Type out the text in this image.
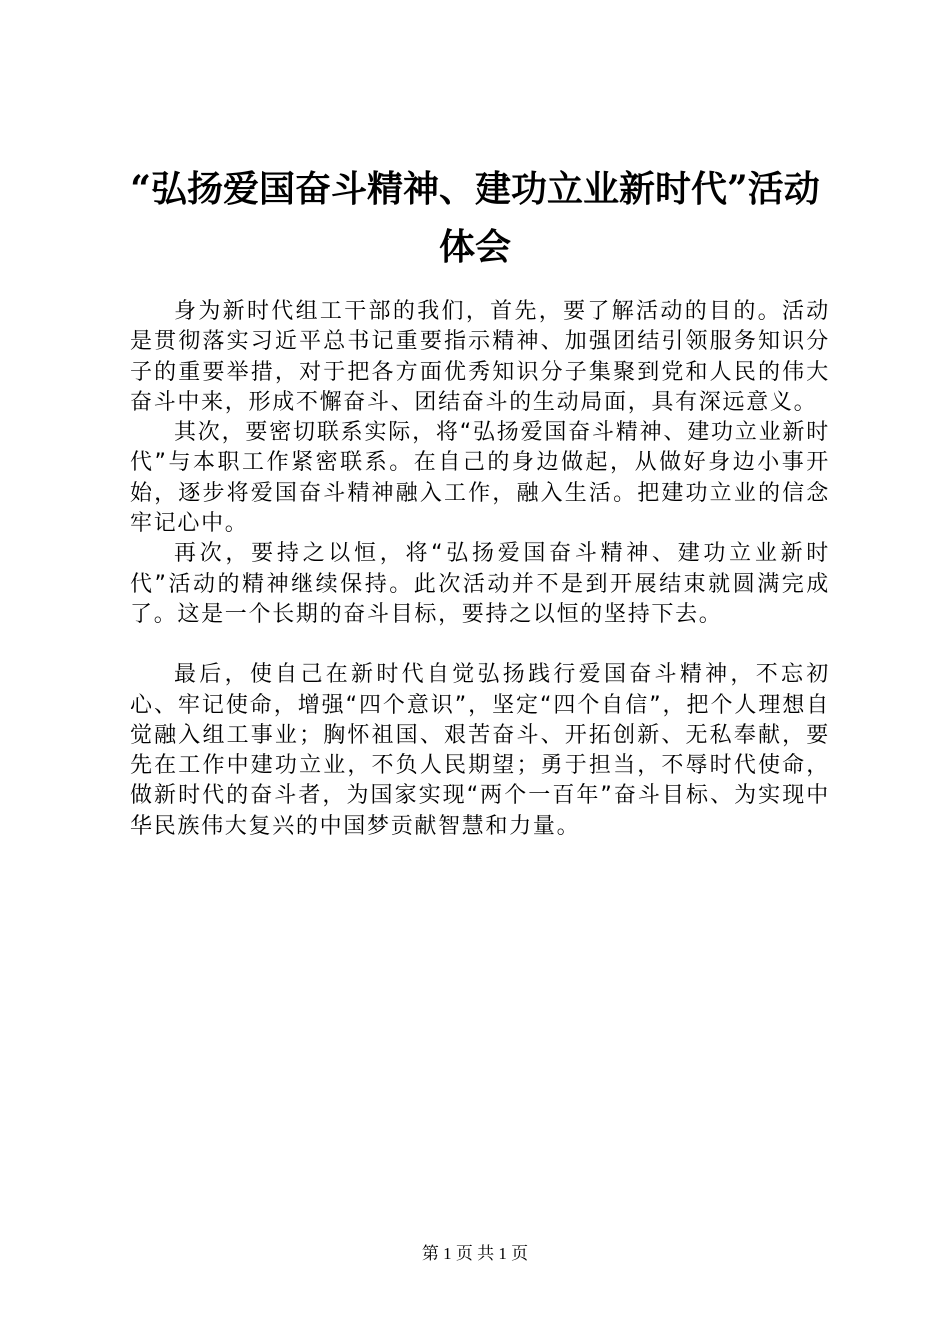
“弘扬爱国奋斗精神、建功立业新时代”活动体会

身为新时代组工干部的我们，首先，要了解活动的目的。活动是贯彻落实习近平总书记重要指示精神、加强团结引领服务知识分子的重要举措，对于把各方面优秀知识分子集聚到党和人民的伟大奋斗中来，形成不懈奋斗、团结奋斗的生动局面，具有深远意义。

其次，要密切联系实际，将“弘扬爱国奋斗精神、建功立业新时代”与本职工作紧密联系。在自己的身边做起，从做好身边小事开始，逐步将爱国奋斗精神融入工作，融入生活。把建功立业的信念牢记心中。

再次，要持之以恒，将“弘扬爱国奋斗精神、建功立业新时代”活动的精神继续保持。此次活动并不是到开展结束就圆满完成了。这是一个长期的奋斗目标，要持之以恒的坚持下去。

最后，使自己在新时代自觉弘扬践行爱国奋斗精神，不忘初心、牢记使命，增强“四个意识”，坚定“四个自信”，把个人理想自觉融入组工事业；胸怀祖国、艰苦奋斗、开拓创新、无私奉献，要先在工作中建功立业，不负人民期望；勇于担当，不辱时代使命，做新时代的奋斗者，为国家实现“两个一百年”奋斗目标、为实现中华民族伟大复兴的中国梦贡献智慧和力量。

第 1 页 共 1 页
